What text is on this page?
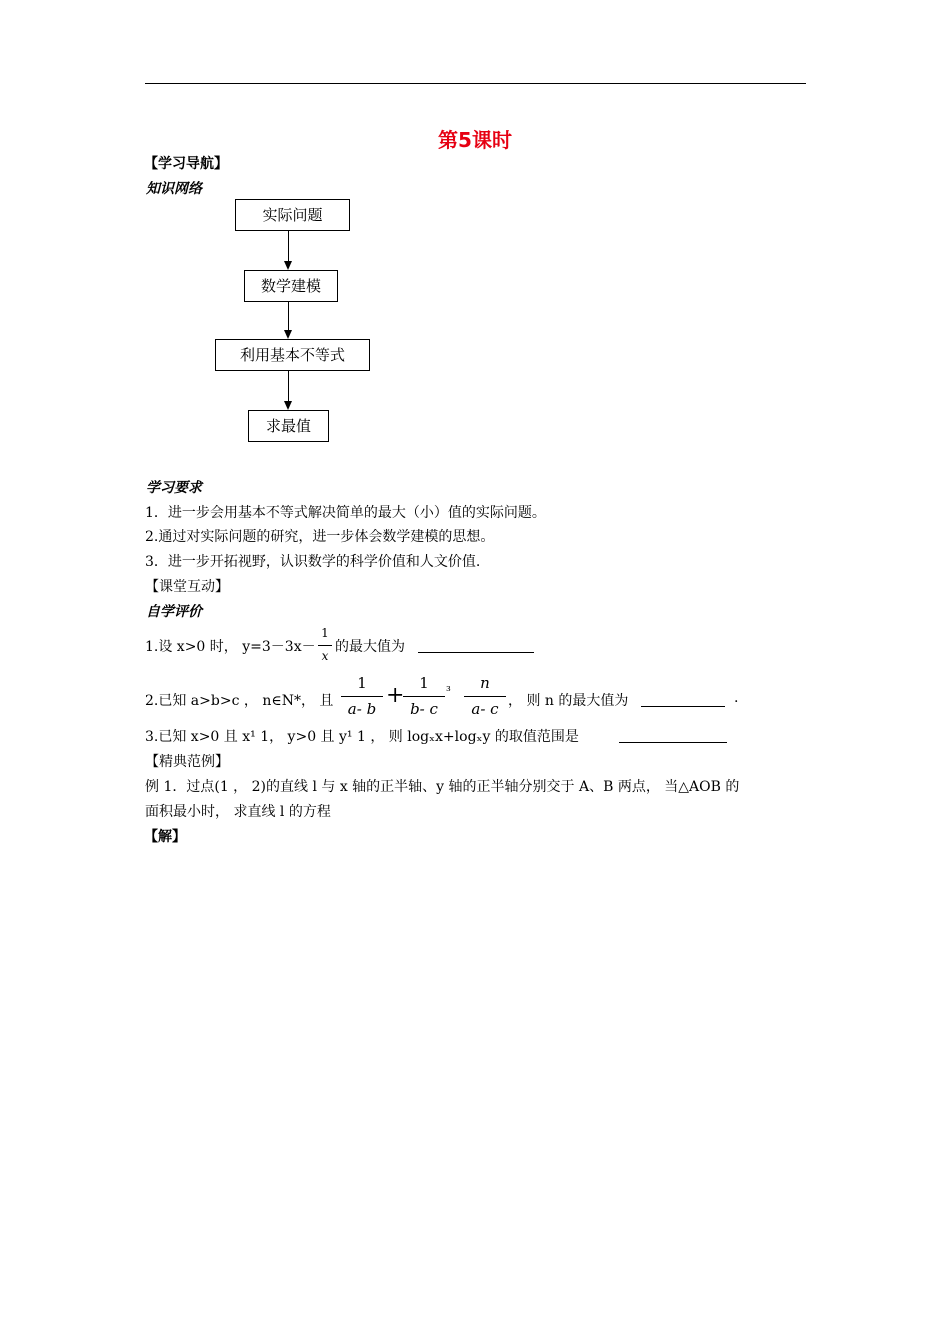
第5课时
【学习导航】
知识网络
实际问题
数学建模
利用基本不等式
求最值
学习要求
1．进一步会用基本不等式解决简单的最大（小）值的实际问题。
2.通过对实际问题的研究，进一步体会数学建模的思想。
3．进一步开拓视野，认识数学的科学价值和人文价值.
【课堂互动】
自学评价
1.设 x>0 时， y=3－3x－
1
x
的最大值为
2.已知 a>b>c ， n∈N*， 且
1
a- b
+ 1
b- c
³	n
a- c ， 则 n 的最大值为	.
3.已知 x>0 且 x¹ 1， y>0 且 y¹ 1 ， 则 logₓx+logₓy 的取值范围是
【精典范例】
例 1．过点(1 ， 2)的直线 l 与 x 轴的正半轴、y 轴的正半轴分别交于 A、B 两点， 当△AOB 的
面积最小时， 求直线 l 的方程
【解】
